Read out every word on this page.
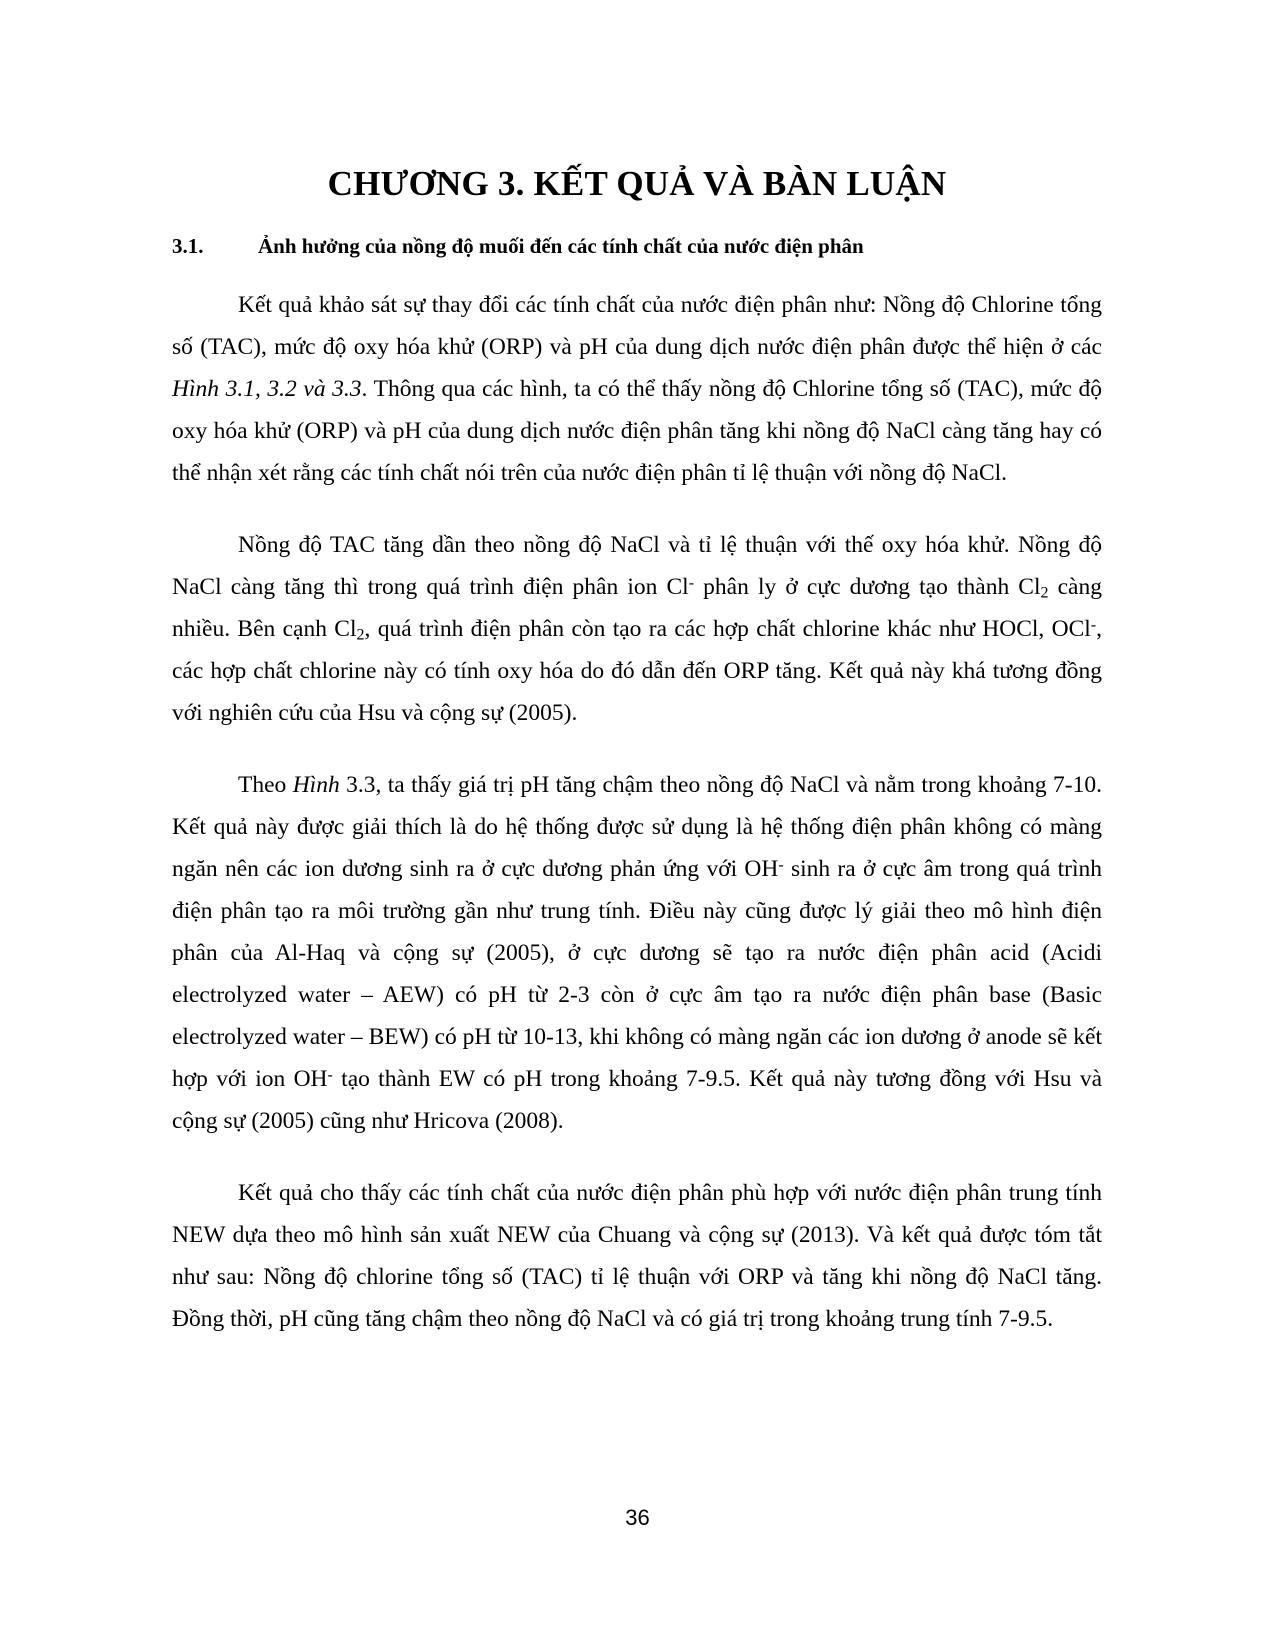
CHƯƠNG 3. KẾT QUẢ VÀ BÀN LUẬN
3.1.	Ảnh hưởng của nồng độ muối đến các tính chất của nước điện phân

Kết quả khảo sát sự thay đổi các tính chất của nước điện phân như: Nồng độ Chlorine tổng số (TAC), mức độ oxy hóa khử (ORP) và pH của dung dịch nước điện phân được thể hiện ở các Hình 3.1, 3.2 và 3.3. Thông qua các hình, ta có thể thấy nồng độ Chlorine tổng số (TAC), mức độ oxy hóa khử (ORP) và pH của dung dịch nước điện phân tăng khi nồng độ NaCl càng tăng hay có thể nhận xét rằng các tính chất nói trên của nước điện phân tỉ lệ thuận với nồng độ NaCl.

Nồng độ TAC tăng dần theo nồng độ NaCl và tỉ lệ thuận với thế oxy hóa khử. Nồng độ NaCl càng tăng thì trong quá trình điện phân ion Cl- phân ly ở cực dương tạo thành $Cl_2$ càng nhiều. Bên cạnh $Cl_2$, quá trình điện phân còn tạo ra các hợp chất chlorine khác như HOCl, OCl-, các hợp chất chlorine này có tính oxy hóa do đó dẫn đến ORP tăng. Kết quả này khá tương đồng với nghiên cứu của Hsu và cộng sự (2005).

Theo Hình 3.3, ta thấy giá trị pH tăng chậm theo nồng độ NaCl và nằm trong khoảng 7-10. Kết quả này được giải thích là do hệ thống được sử dụng là hệ thống điện phân không có màng ngăn nên các ion dương sinh ra ở cực dương phản ứng với OH- sinh ra ở cực âm trong quá trình điện phân tạo ra môi trường gần như trung tính. Điều này cũng được lý giải theo mô hình điện phân của Al-Haq và cộng sự (2005), ở cực dương sẽ tạo ra nước điện phân acid (Acidi electrolyzed water – AEW) có pH từ 2-3 còn ở cực âm tạo ra nước điện phân base (Basic electrolyzed water – BEW) có pH từ 10-13, khi không có màng ngăn các ion dương ở anode sẽ kết hợp với ion OH- tạo thành EW có pH trong khoảng 7-9.5. Kết quả này tương đồng với Hsu và cộng sự (2005) cũng như Hricova (2008).

Kết quả cho thấy các tính chất của nước điện phân phù hợp với nước điện phân trung tính NEW dựa theo mô hình sản xuất NEW của Chuang và cộng sự (2013). Và kết quả được tóm tắt như sau: Nồng độ chlorine tổng số (TAC) tỉ lệ thuận với ORP và tăng khi nồng độ NaCl tăng. Đồng thời, pH cũng tăng chậm theo nồng độ NaCl và có giá trị trong khoảng trung tính 7-9.5.

36
